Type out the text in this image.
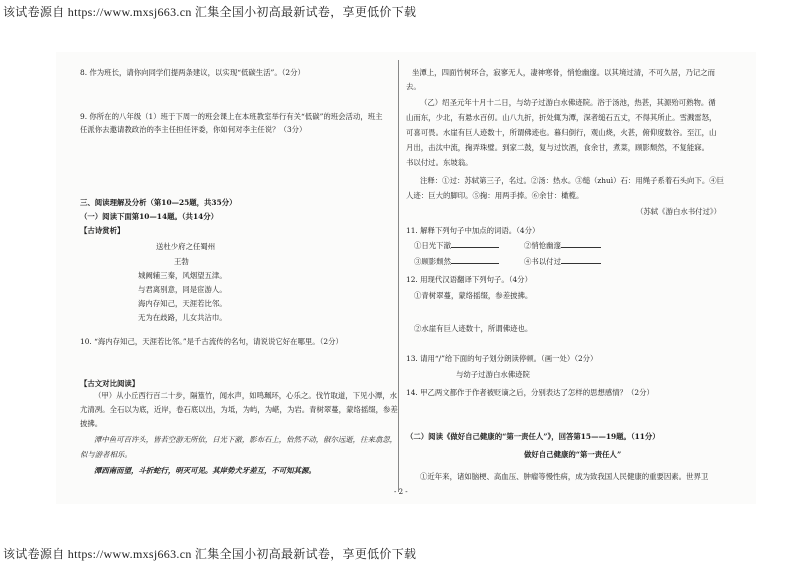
该试卷源自 https://www.mxsj663.cn 汇集全国小初高最新试卷，享更低价下载
8. 作为班长，请你向同学们提两条建议，以实现“低碳生活”。（2分）
9. 你所在的八年级（1）班于下周一的班会课上在本班教室举行有关“低碳”的班会活动，班主
任派你去邀请教政治的李主任担任评委，你如何对李主任说？（3分）
三、阅读理解及分析（第10—25题，共35分）
（一）阅读下面第10—14题。（共14分）
【古诗赏析】
送杜少府之任蜀州
王勃
城阙辅三秦，风烟望五津。
与君离别意，同是宦游人。
海内存知己，天涯若比邻。
无为在歧路，儿女共沾巾。
10. “海内存知己，天涯若比邻。”是千古流传的名句，请说说它好在哪里。（2分）
【古文对比阅读】
（甲）从小丘西行百二十步，隔篁竹，闻水声，如鸣珮环，心乐之。伐竹取道，下见小潭，水
尤清冽。全石以为底，近岸，卷石底以出，为坻，为屿，为嵁，为岩。青树翠蔓，蒙络摇缀，参差
披拂。
潭中鱼可百许头，皆若空游无所依，日光下澈，影布石上，佁然不动，俶尔远逝，往来翕忽，
似与游者相乐。
潭西南而望，斗折蛇行，明灭可见。其岸势犬牙差互，不可知其源。
坐潭上，四面竹树环合，寂寥无人，凄神寒骨，悄怆幽邃。以其境过清，不可久居，乃记之而
去。
（乙）绍圣元年十月十二日，与幼子过游白水佛迹院。浴于汤池，热甚，其源殆可熟物。循
山而东，少北，有悬水百仞。山八九折，折处辄为潭，深者缒石五丈，不得其所止。雪溅雷怒，
可喜可畏。水崖有巨人迹数十，所谓佛迹也。暮归倒行，观山烧，火甚，俯仰度数谷。至江，山
月出，击汰中流，掬弄珠璧。到家二鼓，复与过饮酒，食余甘，煮菜，顾影颓然，不复能寐。
书以付过。东坡翁。
注释：①过：苏轼第三子，名过。②汤：热水。③缒（zhuì）石：用绳子系着石头向下。④巨
人迹：巨大的脚印。⑤掬：用两手捧。⑥余甘：橄榄。
（苏轼《游白水书付过》）
11. 解释下列句子中加点的词语。（4分）
①日光下澈	②悄怆幽邃
③顾影颓然	④书以付过
12. 用现代汉语翻译下列句子。（4分）
①青树翠蔓，蒙络摇缀，参差披拂。
②水崖有巨人迹数十，所谓佛迹也。
13. 请用“/”给下面的句子划分朗读停顿。（画一处）（2分）
与幼子过游白水佛迹院
14. 甲乙两文都作于作者被贬谪之后，分别表达了怎样的思想感情？（2分）
（二）阅读《做好自己健康的“第一责任人”》，回答第15——19题。（11分）
做好自己健康的“第一责任人”
①近年来，诸如脑梗、高血压、肿瘤等慢性病，成为致我国人民健康的重要因素。世界卫
- 2 -
该试卷源自 https://www.mxsj663.cn 汇集全国小初高最新试卷，享更低价下载
